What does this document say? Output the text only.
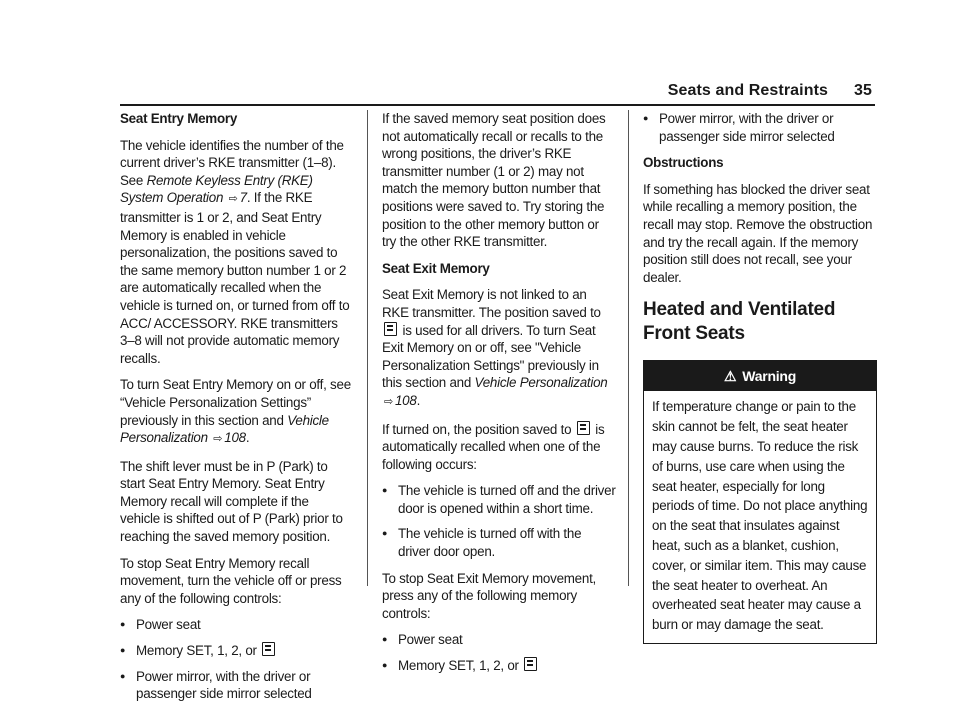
Seats and Restraints 35
Seat Entry Memory

The vehicle identifies the number of the current driver’s RKE transmitter (1–8). See Remote Keyless Entry (RKE) System Operation ⇨ 7. If the RKE transmitter is 1 or 2, and Seat Entry Memory is enabled in vehicle personalization, the positions saved to the same memory button number 1 or 2 are automatically recalled when the vehicle is turned on, or turned from off to ACC/ ACCESSORY. RKE transmitters 3–8 will not provide automatic memory recalls.

To turn Seat Entry Memory on or off, see “Vehicle Personalization Settings” previously in this section and Vehicle Personalization ⇨ 108.

The shift lever must be in P (Park) to start Seat Entry Memory. Seat Entry Memory recall will complete if the vehicle is shifted out of P (Park) prior to reaching the saved memory position.

To stop Seat Entry Memory recall movement, turn the vehicle off or press any of the following controls:

● Power seat
● Memory SET, 1, 2, or
● Power mirror, with the driver or passenger side mirror selected

If the saved memory seat position does not automatically recall or recalls to the wrong positions, the driver’s RKE transmitter number (1 or 2) may not match the memory button number that positions were saved to. Try storing the position to the other memory button or try the other RKE transmitter.

Seat Exit Memory

Seat Exit Memory is not linked to an RKE transmitter. The position saved to  is used for all drivers. To turn Seat Exit Memory on or off, see "Vehicle Personalization Settings" previously in this section and Vehicle Personalization ⇨ 108.

If turned on, the position saved to is automatically recalled when one of the following occurs:

● The vehicle is turned off and the driver door is opened within a short time.
● The vehicle is turned off with the driver door open.

To stop Seat Exit Memory movement, press any of the following memory controls:

● Power seat
● Memory SET, 1, 2, or
● Power mirror, with the driver or passenger side mirror selected
Obstructions

If something has blocked the driver seat while recalling a memory position, the recall may stop. Remove the obstruction and try the recall again. If the memory position still does not recall, see your dealer.

Heated and Ventilated Front Seats
⚠ Warning
If temperature change or pain to the skin cannot be felt, the seat heater may cause burns. To reduce the risk of burns, use care when using the seat heater, especially for long periods of time. Do not place anything on the seat that insulates against heat, such as a blanket, cushion, cover, or similar item. This may cause the seat heater to overheat. An overheated seat heater may cause a burn or may damage the seat.
